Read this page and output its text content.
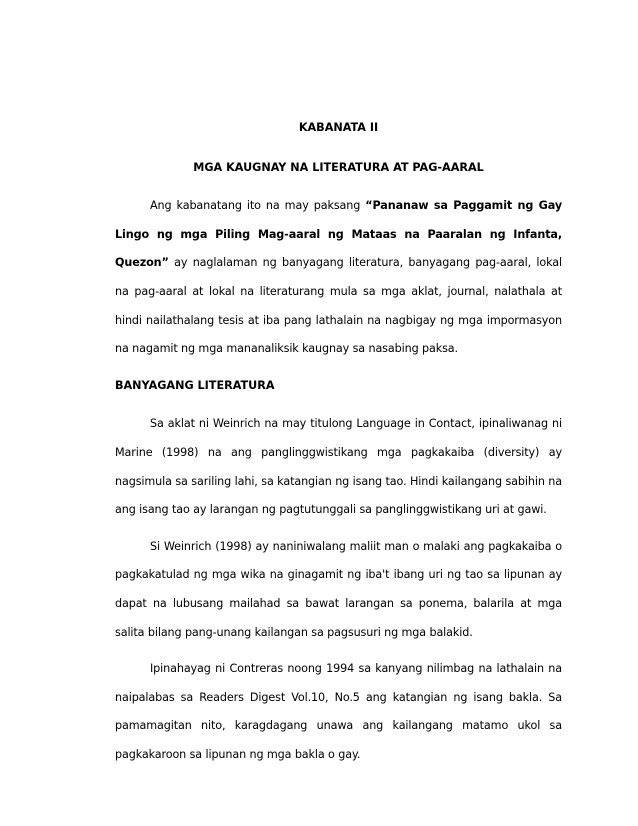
KABANATA II

MGA KAUGNAY NA LITERATURA AT PAG-AARAL

Ang kabanatang ito na may paksang “Pananaw sa Paggamit ng Gay Lingo ng mga Piling Mag-aaral ng Mataas na Paaralan ng Infanta, Quezon” ay naglalaman ng banyagang literatura, banyagang pag-aaral, lokal na pag-aaral at lokal na literaturang mula sa mga aklat, journal, nalathala at hindi nailathalang tesis at iba pang lathalain na nagbigay ng mga impormasyon na nagamit ng mga mananaliksik kaugnay sa nasabing paksa.

BANYAGANG LITERATURA

Sa aklat ni Weinrich na may titulong Language in Contact, ipinaliwanag ni Marine (1998) na ang panglinggwistikang mga pagkakaiba (diversity) ay nagsimula sa sariling lahi, sa katangian ng isang tao. Hindi kailangang sabihin na ang isang tao ay larangan ng pagtutunggali sa panglinggwistikang uri at gawi.

Si Weinrich (1998) ay naniniwalang maliit man o malaki ang pagkakaiba o pagkakatulad ng mga wika na ginagamit ng iba't ibang uri ng tao sa lipunan ay dapat na lubusang mailahad sa bawat larangan sa ponema, balarila at mga salita bilang pang-unang kailangan sa pagsusuri ng mga balakid.

Ipinahayag ni Contreras noong 1994 sa kanyang nilimbag na lathalain na naipalabas sa Readers Digest Vol.10, No.5 ang katangian ng isang bakla. Sa pamamagitan nito, karagdagang unawa ang kailangang matamo ukol sa pagkakaroon sa lipunan ng mga bakla o gay.
